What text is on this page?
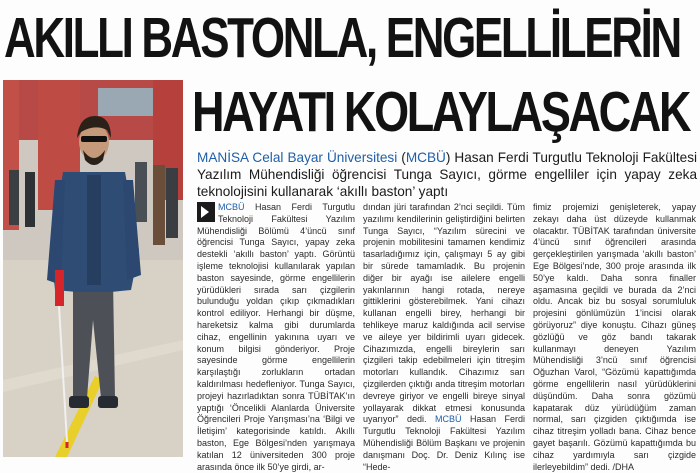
AKILLI BASTONLA, ENGELLİLERİN
HAYATI KOLAYLAŞACAK
MANİSA Celal Bayar Üniversitesi (MCBÜ) Hasan Ferdi Turgutlu Teknoloji Fakültesi Yazılım Mühendisliği öğrencisi Tunga Sayıcı, görme engelliler için yapay zeka teknolojisini kullanarak ‘akıllı baston’ yaptı

MCBÜ Hasan Ferdi Turgutlu Teknoloji Fakültesi Yazılım Mühendisliği Bölümü 4’üncü sınıf öğrencisi Tunga Sayıcı, yapay zeka destekli ‘akıllı baston’ yaptı. Görüntü işleme teknolojisi kullanılarak yapılan baston sayesinde, görme engellilerin yürüdükleri sırada sarı çizgilerin bulunduğu yoldan çıkıp çıkmadıkları kontrol ediliyor. Herhangi bir düşme, hareketsiz kalma gibi durumlarda cihaz, engellinin yakınına uyarı ve konum bilgisi gönderiyor. Proje sayesinde görme engellilerin karşılaştığı zorlukların ortadan kaldırılması hedefleniyor. Tunga Sayıcı, projeyi hazırladıktan sonra TÜBİTAK’ın yaptığı ‘Öncelikli Alanlarda Üniversite Öğrencileri Proje Yarışması’na ‘Bilgi ve İletişim’ kategorisinde katıldı. Akıllı baston, Ege Bölgesi’nden yarışmaya katılan 12 üniversiteden 300 proje arasında önce ilk 50’ye girdi, ar-

dından jüri tarafından 2’nci seçildi. Tüm yazılımı kendilerinin geliştirdiğini belirten Tunga Sayıcı, “Yazılım sürecini ve projenin mobilitesini tamamen kendimiz tasarladığımız için, çalışmayı 5 ay gibi bir sürede tamamladık. Bu projenin diğer bir ayağı ise ailelere engelli yakınlarının hangi rotada, nereye gittiklerini gösterebilmek. Yani cihazı kullanan engelli birey, herhangi bir tehlikeye maruz kaldığında acil servise ve aileye yer bildirimli uyarı gidecek. Cihazımızda, engelli bireylerin sarı çizgileri takip edebilmeleri için titreşim motorları kullandık. Cihazımız sarı çizgilerden çıktığı anda titreşim motorları devreye giriyor ve engelli bireye sinyal yollayarak dikkat etmesi konusunda uyarıyor” dedi. MCBÜ Hasan Ferdi Turgutlu Teknoloji Fakültesi Yazılım Mühendisliği Bölüm Başkanı ve projenin danışmanı Doç. Dr. Deniz Kılınç ise “Hede-

fimiz projemizi genişleterek, yapay zekayı daha üst düzeyde kullanmak olacaktır. TÜBİTAK tarafından üniversite 4’üncü sınıf öğrencileri arasında gerçekleştirilen yarışmada ‘akıllı baston’ Ege Bölgesi’nde, 300 proje arasında ilk 50’ye kaldı. Daha sonra finaller aşamasına geçildi ve burada da 2’nci oldu. Ancak biz bu sosyal sorumluluk projesini gönlümüzün 1’incisi olarak görüyoruz” diye konuştu. Cihazı güneş gözlüğü ve göz bandı takarak kullanmayı deneyen Yazılım Mühendisliği 3’ncü sınıf öğrencisi Oğuzhan Varol, “Gözümü kapattığımda görme engellilerin nasıl yürüdüklerini düşündüm. Daha sonra gözümü kapatarak düz yürüdüğüm zaman normal, sarı çizgiden çıktığımda ise cihaz titreşim yolladı bana. Cihaz bence gayet başarılı. Gözümü kapattığımda bu cihaz yardımıyla sarı çizgide ilerleyebildim” dedi. /DHA
